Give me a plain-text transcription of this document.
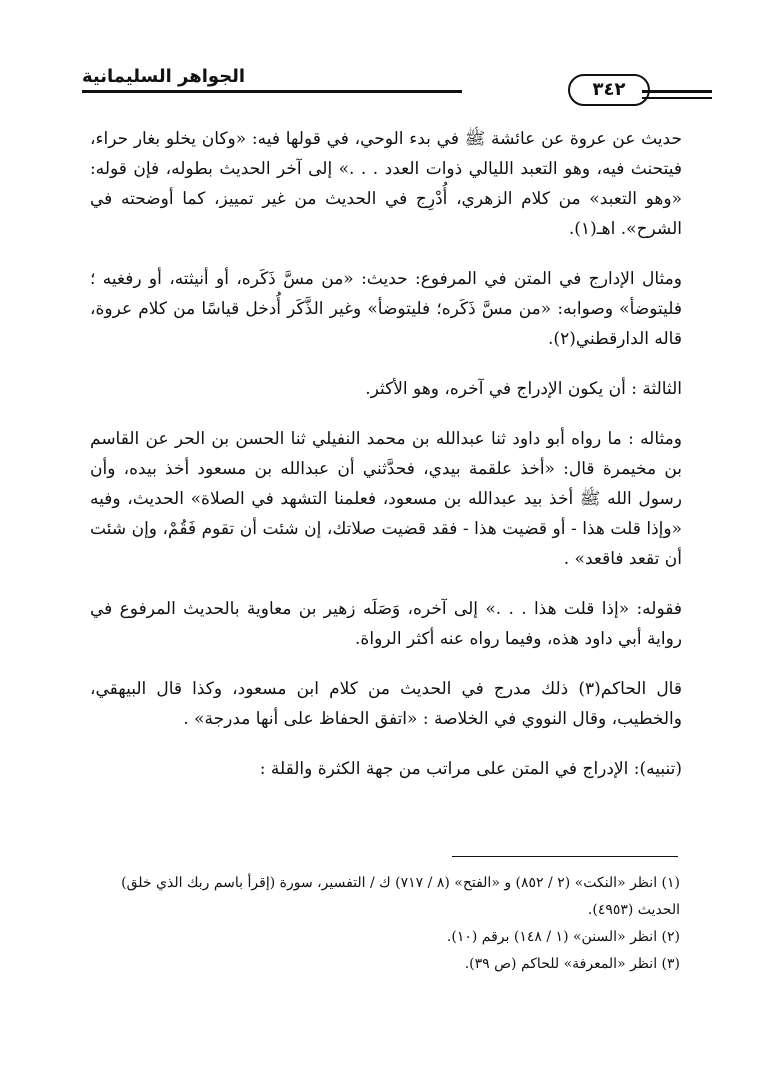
٣٤٢
الجواهر السليمانية

حديث عن عروة عن عائشة ﷺ في بدء الوحي، في قولها فيه: «وكان يخلو بغار حراء، فيتحنث فيه، وهو التعبد الليالي ذوات العدد . . .» إلى آخر الحديث بطوله، فإن قوله: «وهو التعبد» من كلام الزهري، أُدْرِج في الحديث من غير تمييز، كما أوضحته في الشرح». اهـ(١).

ومثال الإدارج في المتن في المرفوع: حديث: «من مسَّ ذَكَره، أو أنيثته، أو رفغيه ؛ فليتوضأ» وصوابه: «من مسَّ ذَكَره؛ فليتوضأ» وغير الذَّكَر أُدخل قياسًا من كلام عروة، قاله الدارقطني(٢).

الثالثة : أن يكون الإدراج في آخره، وهو الأكثر.

ومثاله : ما رواه أبو داود ثنا عبدالله بن محمد النفيلي ثنا الحسن بن الحر عن القاسم بن مخيمرة قال: «أخذ علقمة بيدي، فحدَّثني أن عبدالله بن مسعود أخذ بيده، وأن رسول الله ﷺ أخذ بيد عبدالله بن مسعود، فعلمنا التشهد في الصلاة» الحديث، وفيه «وإذا قلت هذا - أو قضيت هذا - فقد قضيت صلاتك، إن شئت أن تقوم فَقُمْ، وإن شئت أن تقعد فاقعد» .

فقوله: «إذا قلت هذا . . .» إلى آخره، وَصَلَه زهير بن معاوية بالحديث المرفوع في رواية أبي داود هذه، وفيما رواه عنه أكثر الرواة.

قال الحاكم(٣) ذلك مدرج في الحديث من كلام ابن مسعود، وكذا قال البيهقي، والخطيب، وقال النووي في الخلاصة : «اتفق الحفاظ على أنها مدرجة» .

(تنبيه): الإدراج في المتن على مراتب من جهة الكثرة والقلة :

(١) انظر «النكت» (٢ / ٨٥٢) و «الفتح» (٨ / ٧١٧) ك / التفسير، سورة (إقرأ باسم ربك الذي خلق) الحديث (٤٩٥٣).

(٢) انظر «السنن» (١ / ١٤٨) برقم (١٠).

(٣) انظر «المعرفة» للحاكم (ص ٣٩).
